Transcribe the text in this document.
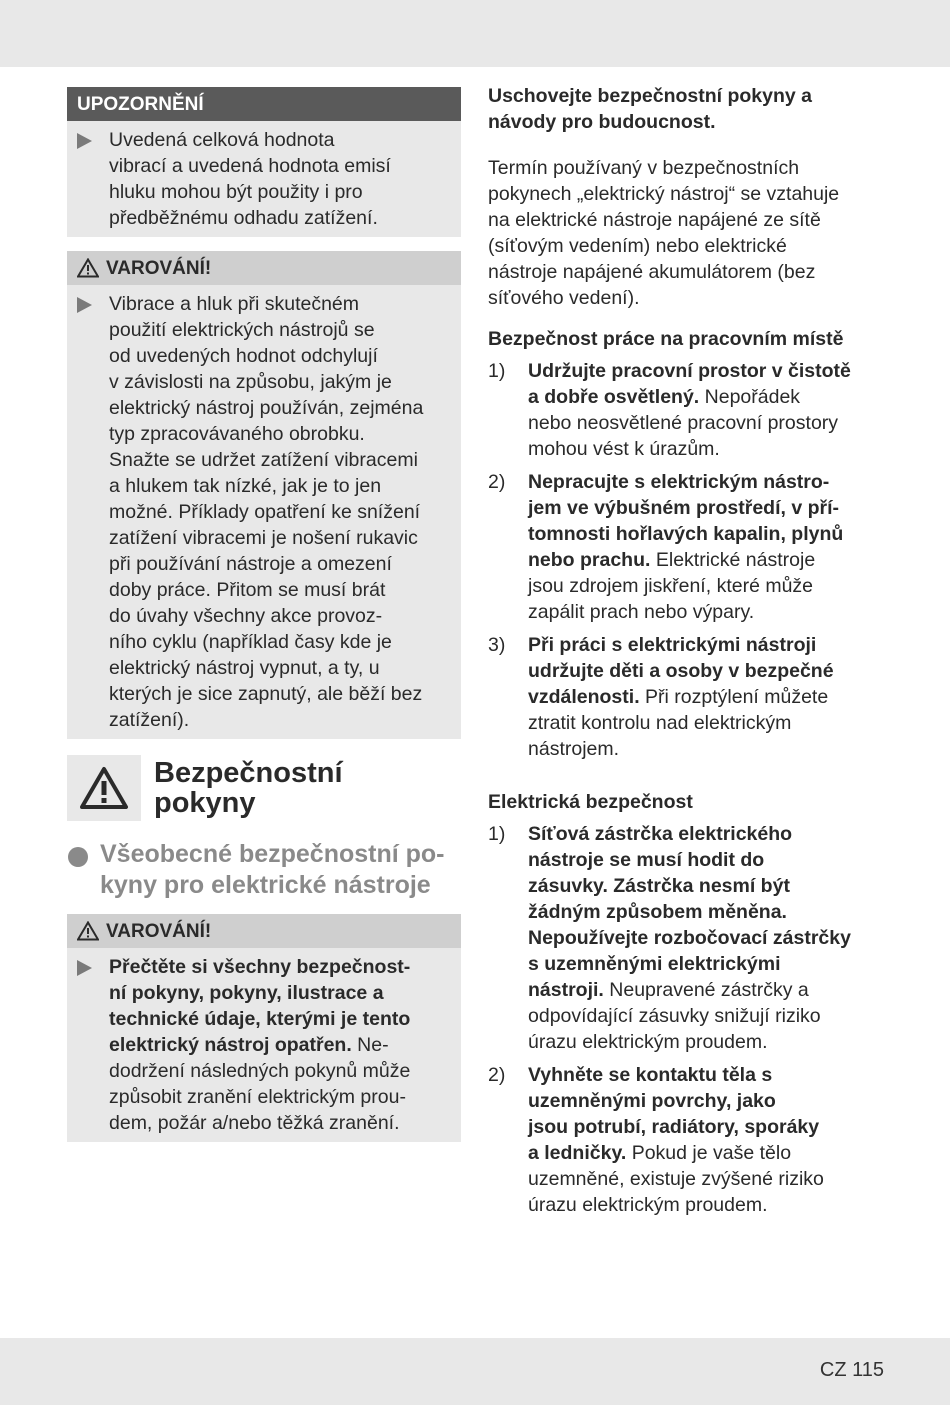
UPOZORNĚNÍ
Uvedená celková hodnota
vibrací a uvedená hodnota emisí
hluku mohou být použity i pro
předběžnému odhadu zatížení.
VAROVÁNÍ!
Vibrace a hluk při skutečném
použití elektrických nástrojů se
od uvedených hodnot odchylují
v závislosti na způsobu, jakým je
elektrický nástroj používán, zejména
typ zpracovávaného obrobku.
Snažte se udržet zatížení vibracemi
a hlukem tak nízké, jak je to jen
možné. Příklady opatření ke snížení
zatížení vibracemi je nošení rukavic
při používání nástroje a omezení
doby práce. Přitom se musí brát
do úvahy všechny akce provoz-
ního cyklu (například časy kde je
elektrický nástroj vypnut, a ty, u
kterých je sice zapnutý, ale běží bez
zatížení).
Bezpečnostní
pokyny
Všeobecné bezpečnostní po-
kyny pro elektrické nástroje
VAROVÁNÍ!
Přečtěte si všechny bezpečnost-
ní pokyny, pokyny, ilustrace a
technické údaje, kterými je tento
elektrický nástroj opatřen. Ne-
dodržení následných pokynů může
způsobit zranění elektrickým prou-
dem, požár a/nebo těžká zranění.
Uschovejte bezpečnostní pokyny a
návody pro budoucnost.
Termín používaný v bezpečnostních
pokynech „elektrický nástroj“ se vztahuje
na elektrické nástroje napájené ze sítě
(síťovým vedením) nebo elektrické
nástroje napájené akumulátorem (bez
síťového vedení).
Bezpečnost práce na pracovním místě
1) Udržujte pracovní prostor v čistotě
a dobře osvětlený. Nepořádek
nebo neosvětlené pracovní prostory
mohou vést k úrazům.
2) Nepracujte s elektrickým nástro-
jem ve výbušném prostředí, v pří-
tomnosti hořlavých kapalin, plynů
nebo prachu. Elektrické nástroje
jsou zdrojem jiskření, které může
zapálit prach nebo výpary.
3) Při práci s elektrickými nástroji
udržujte děti a osoby v bezpečné
vzdálenosti. Při rozptýlení můžete
ztratit kontrolu nad elektrickým
nástrojem.
Elektrická bezpečnost
1) Síťová zástrčka elektrického
nástroje se musí hodit do
zásuvky. Zástrčka nesmí být
žádným způsobem měněna.
Nepoužívejte rozbočovací zástrčky
s uzemněnými elektrickými
nástroji. Neupravené zástrčky a
odpovídající zásuvky snižují riziko
úrazu elektrickým proudem.
2) Vyhněte se kontaktu těla s
uzemněnými povrchy, jako
jsou potrubí, radiátory, sporáky
a ledničky. Pokud je vaše tělo
uzemněné, existuje zvýšené riziko
úrazu elektrickým proudem.
CZ 115
